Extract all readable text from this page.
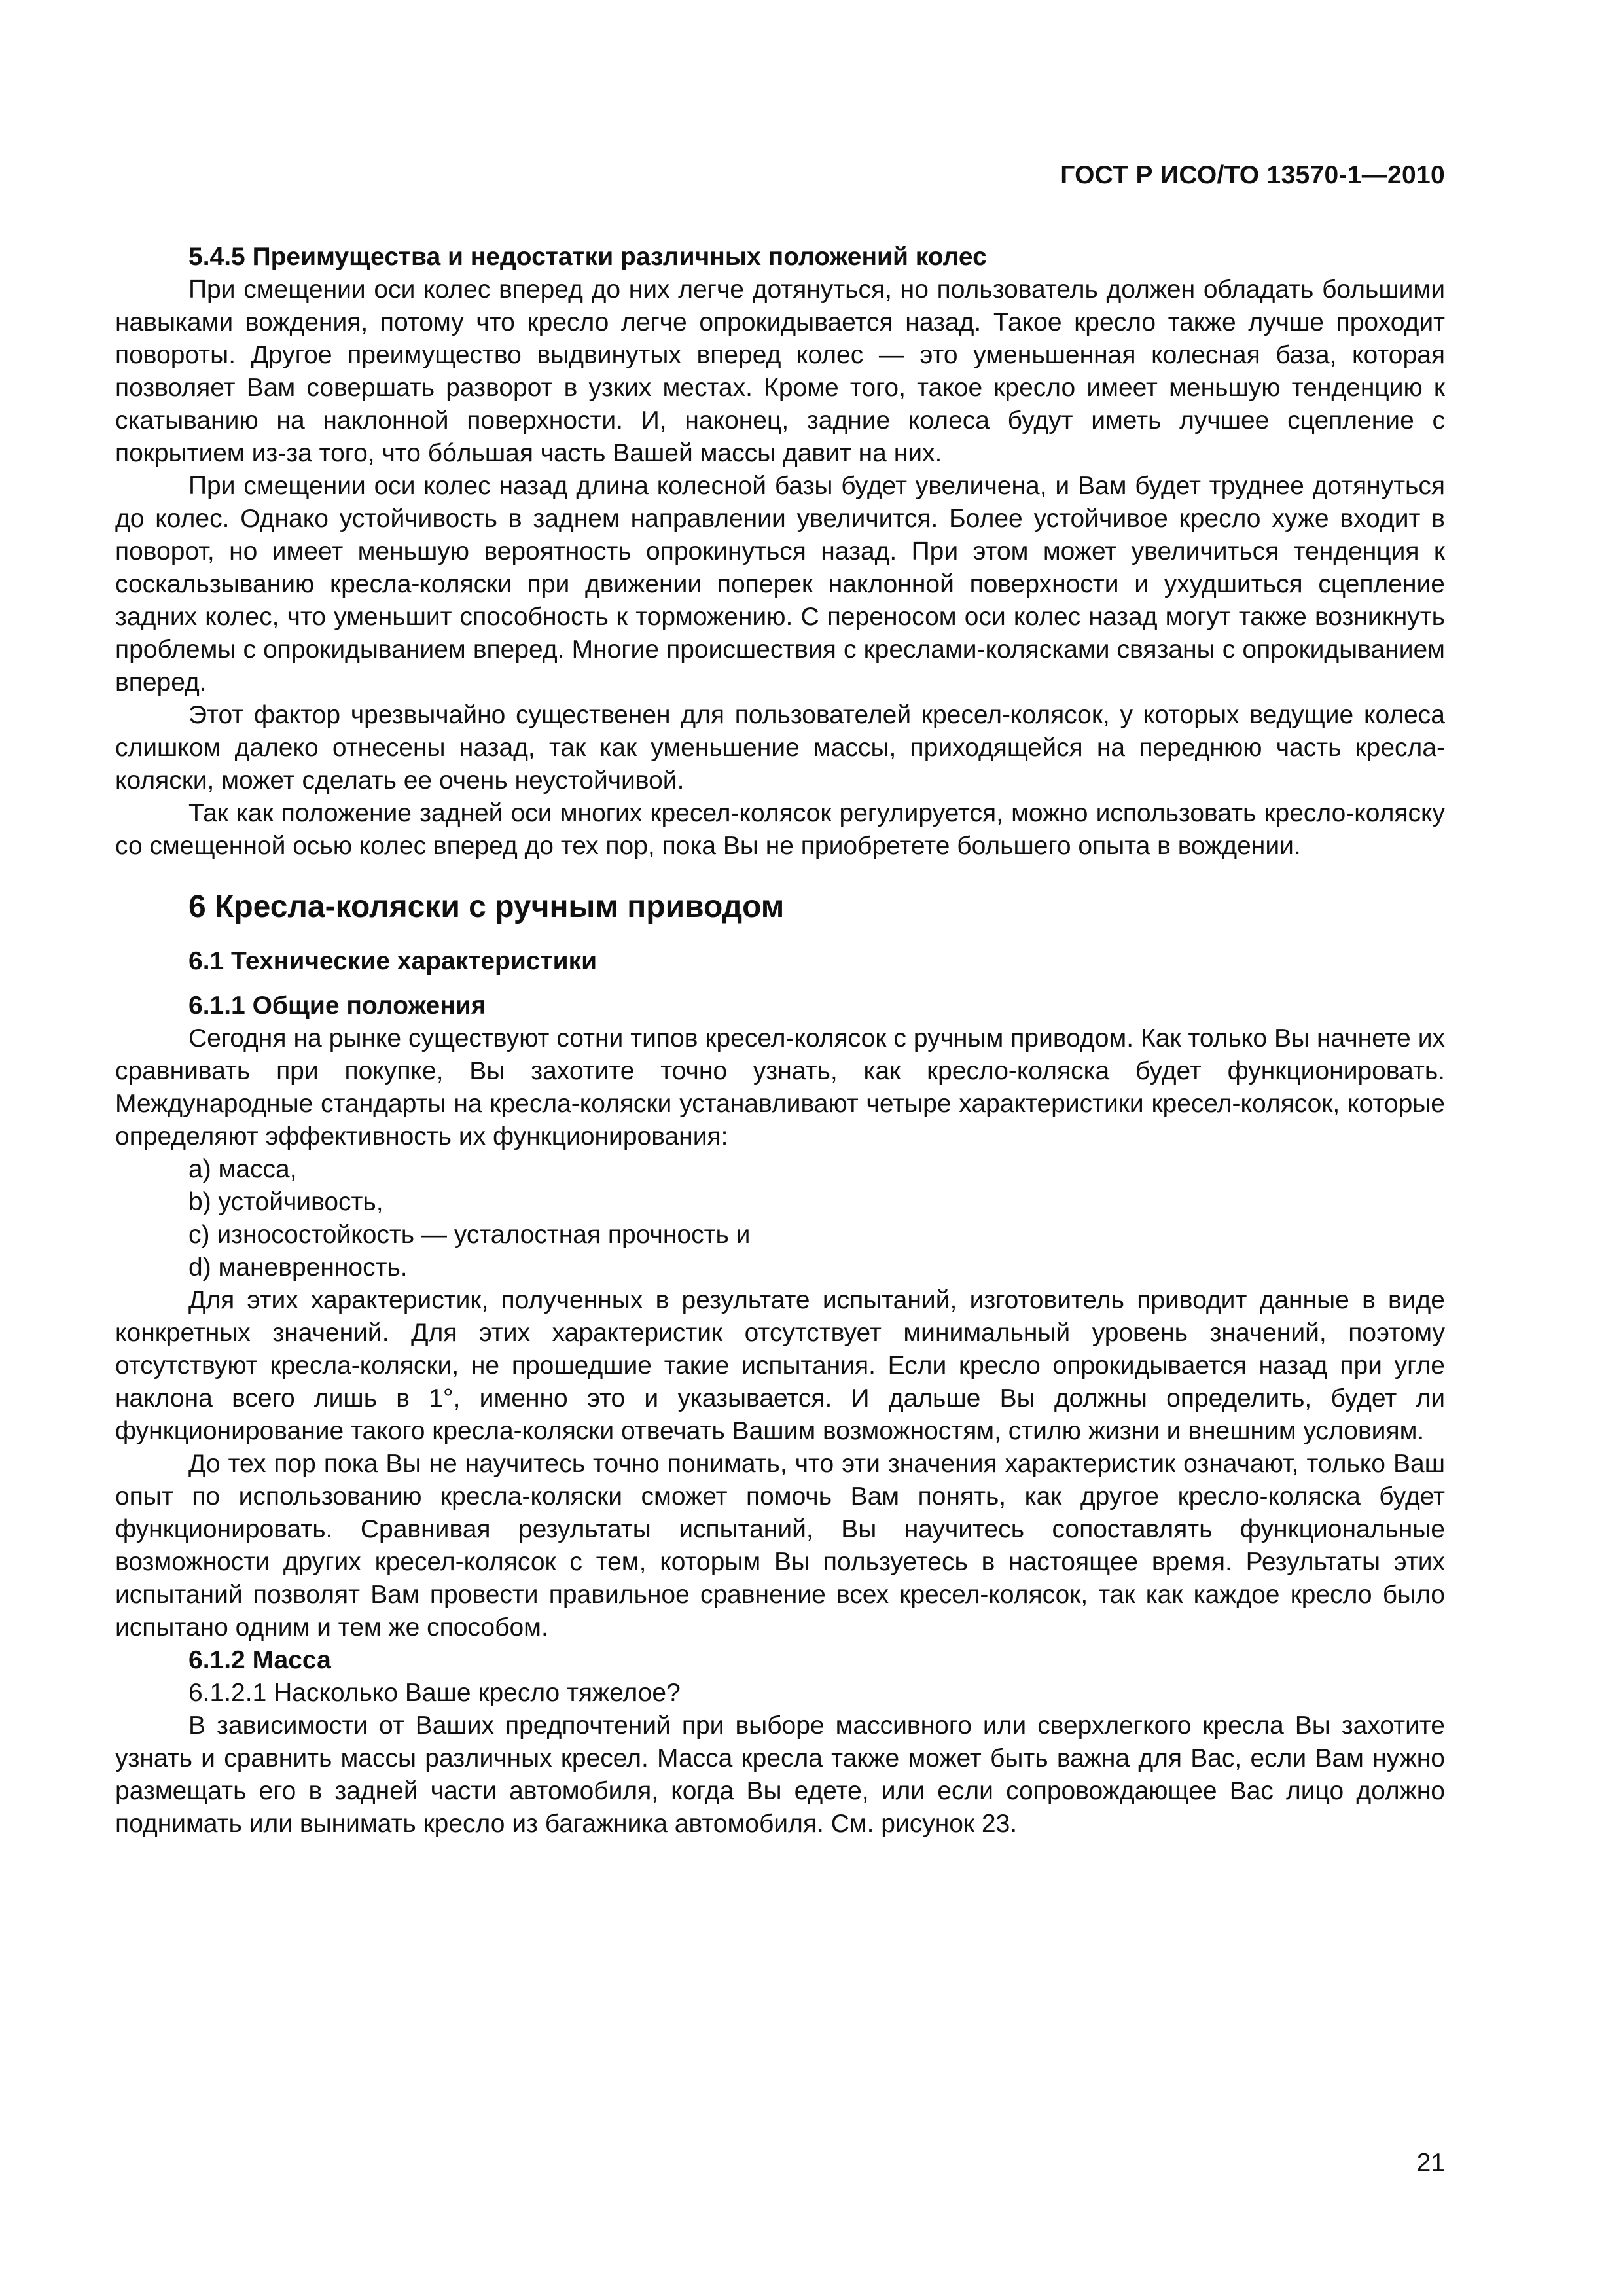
ГОСТ Р ИСО/ТО 13570-1—2010
5.4.5 Преимущества и недостатки различных положений колес

При смещении оси колес вперед до них легче дотянуться, но пользователь должен обладать большими навыками вождения, потому что кресло легче опрокидывается назад. Такое кресло также лучше проходит повороты. Другое преимущество выдвинутых вперед колес — это уменьшенная колесная база, которая позволяет Вам совершать разворот в узких местах. Кроме того, такое кресло имеет меньшую тенденцию к скатыванию на наклонной поверхности. И, наконец, задние колеса будут иметь лучшее сцепление с покрытием из-за того, что бóльшая часть Вашей массы давит на них.

При смещении оси колес назад длина колесной базы будет увеличена, и Вам будет труднее дотянуться до колес. Однако устойчивость в заднем направлении увеличится. Более устойчивое кресло хуже входит в поворот, но имеет меньшую вероятность опрокинуться назад. При этом может увеличиться тенденция к соскальзыванию кресла-коляски при движении поперек наклонной поверхности и ухудшиться сцепление задних колес, что уменьшит способность к торможению. С переносом оси колес назад могут также возникнуть проблемы с опрокидыванием вперед. Многие происшествия с креслами-колясками связаны с опрокидыванием вперед.

Этот фактор чрезвычайно существенен для пользователей кресел-колясок, у которых ведущие колеса слишком далеко отнесены назад, так как уменьшение массы, приходящейся на переднюю часть кресла-коляски, может сделать ее очень неустойчивой.

Так как положение задней оси многих кресел-колясок регулируется, можно использовать кресло-коляску со смещенной осью колес вперед до тех пор, пока Вы не приобретете большего опыта в вождении.

6 Кресла-коляски с ручным приводом
6.1 Технические характеристики
6.1.1 Общие положения

Сегодня на рынке существуют сотни типов кресел-колясок с ручным приводом. Как только Вы начнете их сравнивать при покупке, Вы захотите точно узнать, как кресло-коляска будет функционировать. Международные стандарты на кресла-коляски устанавливают четыре характеристики кресел-колясок, которые определяют эффективность их функционирования:

a) масса,
b) устойчивость,
c) износостойкость — усталостная прочность и
d) маневренность.

Для этих характеристик, полученных в результате испытаний, изготовитель приводит данные в виде конкретных значений. Для этих характеристик отсутствует минимальный уровень значений, поэтому отсутствуют кресла-коляски, не прошедшие такие испытания. Если кресло опрокидывается назад при угле наклона всего лишь в 1°, именно это и указывается. И дальше Вы должны определить, будет ли функционирование такого кресла-коляски отвечать Вашим возможностям, стилю жизни и внешним условиям.

До тех пор пока Вы не научитесь точно понимать, что эти значения характеристик означают, только Ваш опыт по использованию кресла-коляски сможет помочь Вам понять, как другое кресло-коляска будет функционировать. Сравнивая результаты испытаний, Вы научитесь сопоставлять функциональные возможности других кресел-колясок с тем, которым Вы пользуетесь в настоящее время. Результаты этих испытаний позволят Вам провести правильное сравнение всех кресел-колясок, так как каждое кресло было испытано одним и тем же способом.

6.1.2 Масса

6.1.2.1 Насколько Ваше кресло тяжелое?

В зависимости от Ваших предпочтений при выборе массивного или сверхлегкого кресла Вы захотите узнать и сравнить массы различных кресел. Масса кресла также может быть важна для Вас, если Вам нужно размещать его в задней части автомобиля, когда Вы едете, или если сопровождающее Вас лицо должно поднимать или вынимать кресло из багажника автомобиля. См. рисунок 23.

21
